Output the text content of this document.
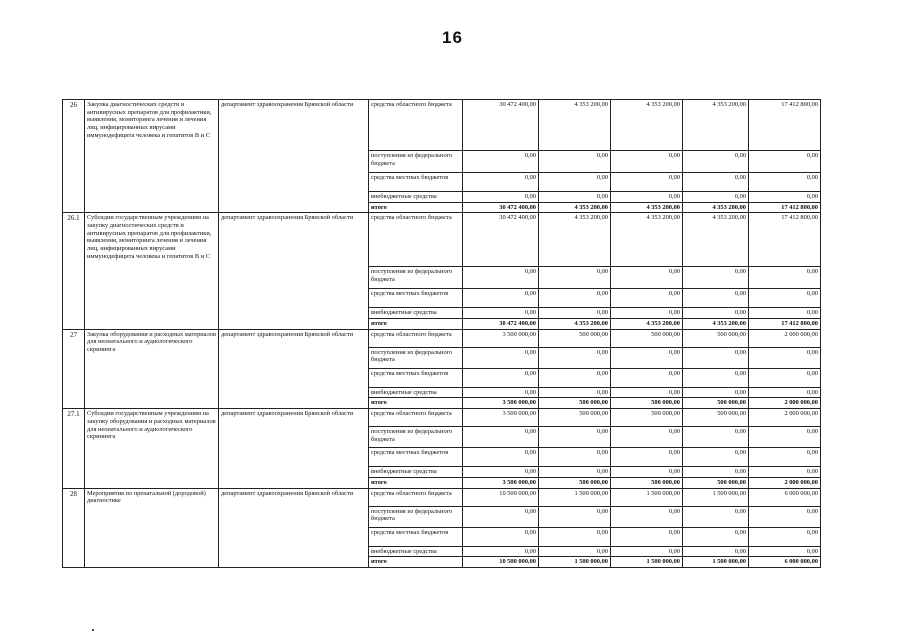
16
26	Закупка диагностических средств и антивирусных препаратов для профилактики, выявления, мониторинга лечения и лечения лиц, инфицированных вирусами иммунодефицита человека и гепатитов В и С	департамент здравоохранения Брянской области	средства областного бюджета	30 472 400,00	4 353 200,00	4 353 200,00	4 353 200,00	17 412 800,00
			поступления из федерального бюджета	0,00	0,00	0,00	0,00	0,00
			средства местных бюджетов	0,00	0,00	0,00	0,00	0,00
			внебюджетные средства	0,00	0,00	0,00	0,00	0,00
			итого	30 472 400,00	4 353 200,00	4 353 200,00	4 353 200,00	17 412 800,00
26.1	Субсидии государственным учреждениям на закупку диагностических средств и антивирусных препаратов для профилактики, выявления, мониторинга лечения и лечения лиц, инфицированных вирусами иммунодефицита человека и гепатитов В и С	департамент здравоохранения Брянской области	средства областного бюджета	30 472 400,00	4 353 200,00	4 353 200,00	4 353 200,00	17 412 800,00
			поступления из федерального бюджета	0,00	0,00	0,00	0,00	0,00
			средства местных бюджетов	0,00	0,00	0,00	0,00	0,00
			внебюджетные средства	0,00	0,00	0,00	0,00	0,00
			итого	30 472 400,00	4 353 200,00	4 353 200,00	4 353 200,00	17 412 800,00
27	Закупка оборудования и расходных материалов для неонатального и аудиологического скрининга	департамент здравоохранения Брянской области	средства областного бюджета	3 500 000,00	500 000,00	500 000,00	500 000,00	2 000 000,00
			поступления из федерального бюджета	0,00	0,00	0,00	0,00	0,00
			средства местных бюджетов	0,00	0,00	0,00	0,00	0,00
			внебюджетные средства	0,00	0,00	0,00	0,00	0,00
			итого	3 500 000,00	500 000,00	500 000,00	500 000,00	2 000 000,00
27.1	Субсидии государственным учреждениям на закупку оборудования и расходных материалов для неонатального и аудиологического скрининга	департамент здравоохранения Брянской области	средства областного бюджета	3 500 000,00	500 000,00	500 000,00	500 000,00	2 000 000,00
			поступления из федерального бюджета	0,00	0,00	0,00	0,00	0,00
			средства местных бюджетов	0,00	0,00	0,00	0,00	0,00
			внебюджетные средства	0,00	0,00	0,00	0,00	0,00
			итого	3 500 000,00	500 000,00	500 000,00	500 000,00	2 000 000,00
28	Мероприятия по пренатальной (дородовой) диагностике	департамент здравоохранения Брянской области	средства областного бюджета	10 500 000,00	1 500 000,00	1 500 000,00	1 500 000,00	6 000 000,00
			поступления из федерального бюджета	0,00	0,00	0,00	0,00	0,00
			средства местных бюджетов	0,00	0,00	0,00	0,00	0,00
			внебюджетные средства	0,00	0,00	0,00	0,00	0,00
			итого	10 500 000,00	1 500 000,00	1 500 000,00	1 500 000,00	6 000 000,00
